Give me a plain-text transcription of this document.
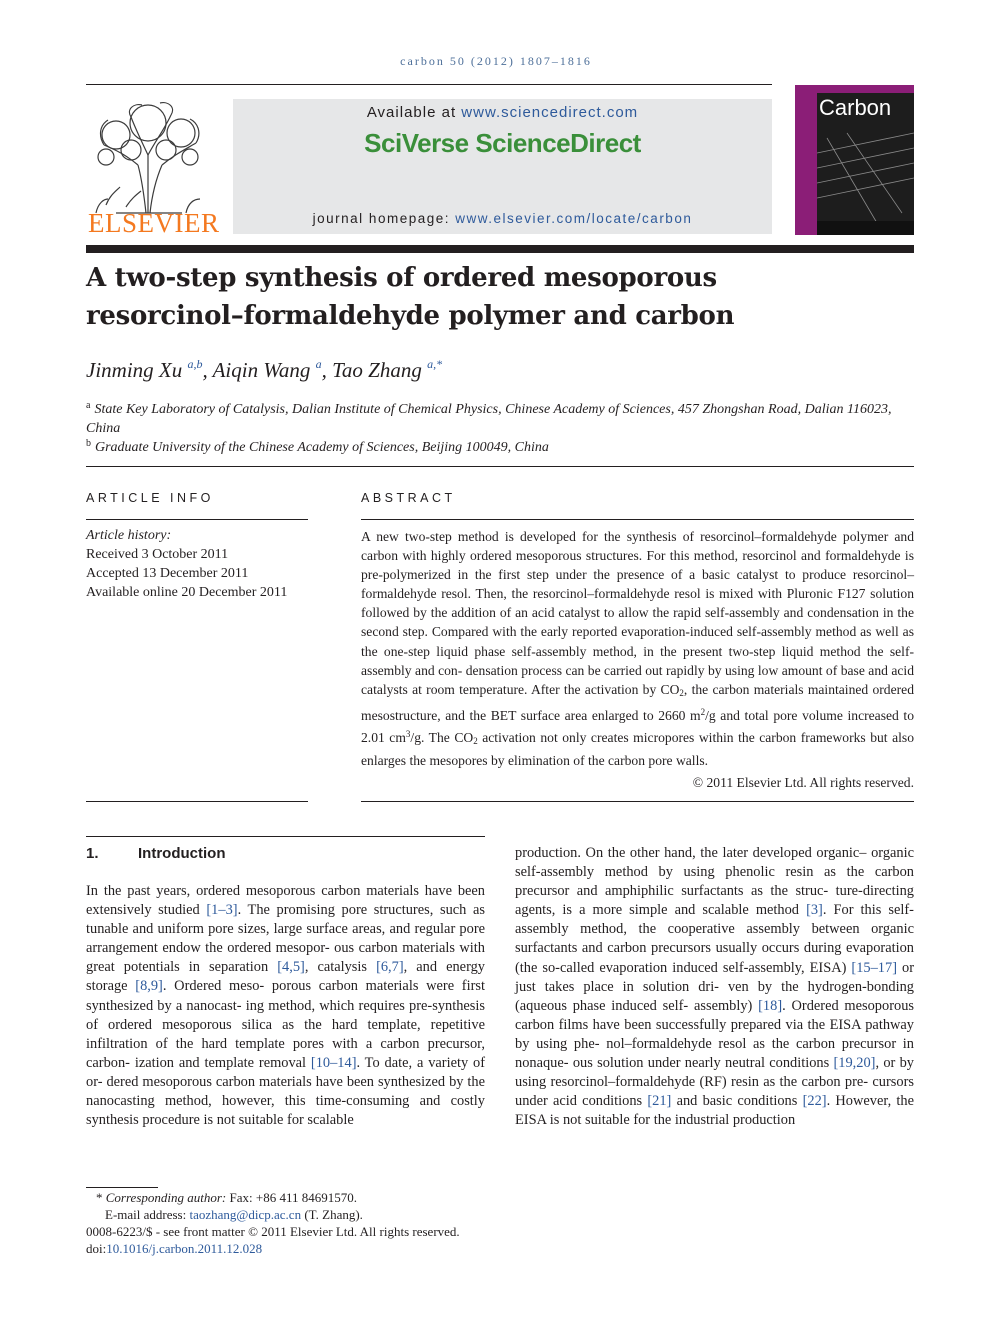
carbon 50 (2012) 1807–1816
ELSEVIER
Available at www.sciencedirect.com
SciVerse ScienceDirect
journal homepage: www.elsevier.com/locate/carbon
Carbon
A two-step synthesis of ordered mesoporous
resorcinol–formaldehyde polymer and carbon
Jinming Xu $^{a,b}$, Aiqin Wang $^a$, Tao Zhang $^{a,*}$
$^a$ State Key Laboratory of Catalysis, Dalian Institute of Chemical Physics, Chinese Academy of Sciences, 457 Zhongshan Road, Dalian 116023, China
$^b$ Graduate University of the Chinese Academy of Sciences, Beijing 100049, China
ARTICLE INFO
Article history:
Received 3 October 2011
Accepted 13 December 2011
Available online 20 December 2011
ABSTRACT
A new two-step method is developed for the synthesis of resorcinol–formaldehyde polymer and carbon with highly ordered mesoporous structures. For this method, resorcinol and formaldehyde is pre-polymerized in the first step under the presence of a basic catalyst to produce resorcinol–formaldehyde resol. Then, the resorcinol–formaldehyde resol is mixed with Pluronic F127 solution followed by the addition of an acid catalyst to allow the rapid self-assembly and condensation in the second step. Compared with the early reported evaporation-induced self-assembly method as well as the one-step liquid phase self-assembly method, in the present two-step liquid method the self-assembly and con- densation process can be carried out rapidly by using low amount of base and acid catalysts at room temperature. After the activation by $CO_2$, the carbon materials maintained ordered mesostructure, and the BET surface area enlarged to 2660 $m^2/g$ and total pore volume increased to 2.01 $cm^3/g$. The $CO_2$ activation not only creates micropores within the carbon frameworks but also enlarges the mesopores by elimination of the carbon pore walls.
© 2011 Elsevier Ltd. All rights reserved.
1.	Introduction
In the past years, ordered mesoporous carbon materials have been extensively studied [1–3]. The promising pore structures, such as tunable and uniform pore sizes, large surface areas, and regular pore arrangement endow the ordered mesopor- ous carbon materials with great potentials in separation [4,5], catalysis [6,7], and energy storage [8,9]. Ordered meso- porous carbon materials were first synthesized by a nanocast- ing method, which requires pre-synthesis of ordered mesoporous silica as the hard template, repetitive infiltration of the hard template pores with a carbon precursor, carbon- ization and template removal [10–14]. To date, a variety of or- dered mesoporous carbon materials have been synthesized by the nanocasting method, however, this time-consuming and costly synthesis procedure is not suitable for scalable
production. On the other hand, the later developed organic– organic self-assembly method by using phenolic resin as the carbon precursor and amphiphilic surfactants as the struc- ture-directing agents, is a more simple and scalable method [3]. For this self-assembly method, the cooperative assembly between organic surfactants and carbon precursors usually occurs during evaporation (the so-called evaporation induced self-assembly, EISA) [15–17] or just takes place in solution dri- ven by the hydrogen-bonding (aqueous phase induced self- assembly) [18]. Ordered mesoporous carbon films have been successfully prepared via the EISA pathway by using phe- nol–formaldehyde resol as the carbon precursor in nonaque- ous solution under nearly neutral conditions [19,20], or by using resorcinol–formaldehyde (RF) resin as the carbon pre- cursors under acid conditions [21] and basic conditions [22]. However, the EISA is not suitable for the industrial production
* Corresponding author: Fax: +86 411 84691570.
E-mail address: taozhang@dicp.ac.cn (T. Zhang).
0008-6223/$ - see front matter © 2011 Elsevier Ltd. All rights reserved.
doi:10.1016/j.carbon.2011.12.028
